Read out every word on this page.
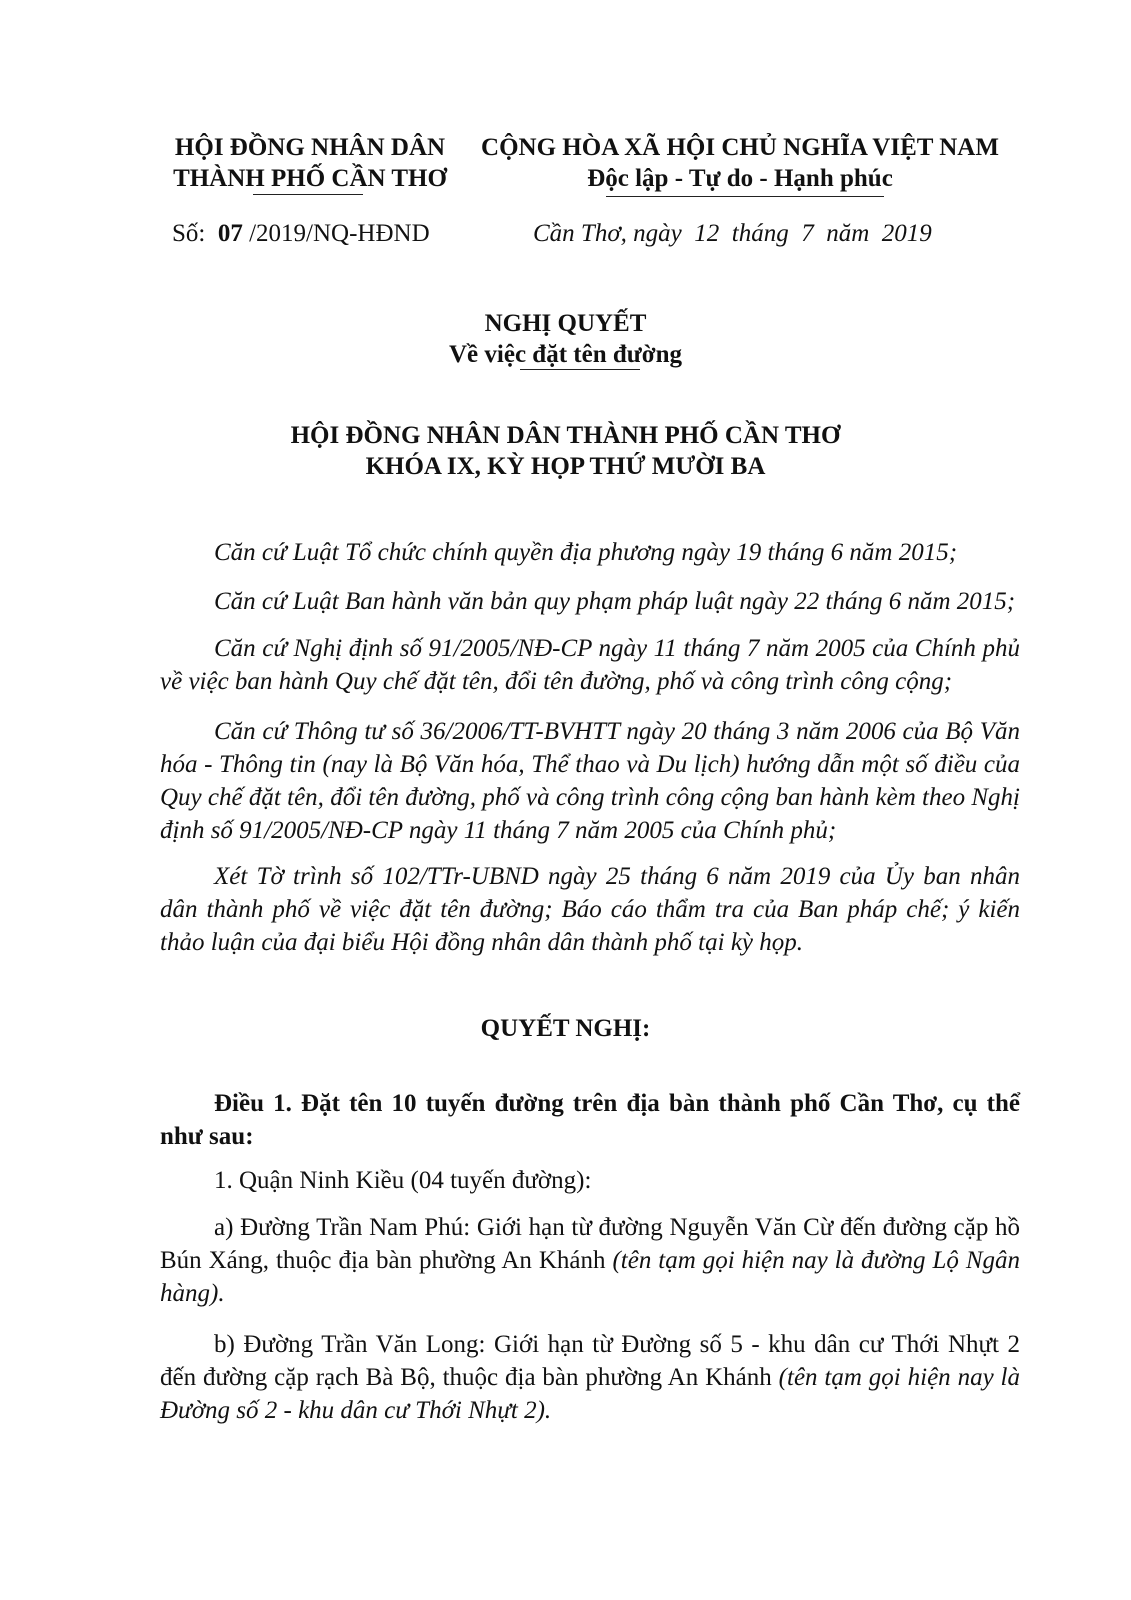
HỘI ĐỒNG NHÂN DÂN
THÀNH PHỐ CẦN THƠ
CỘNG HÒA XÃ HỘI CHỦ NGHĨA VIỆT NAM
Độc lập - Tự do - Hạnh phúc
Số: 07 /2019/NQ-HĐND	Cần Thơ, ngày  12  tháng  7  năm  2019
NGHỊ QUYẾT
Về việc đặt tên đường
HỘI ĐỒNG NHÂN DÂN THÀNH PHỐ CẦN THƠ
KHÓA IX, KỲ HỌP THỨ MƯỜI BA

Căn cứ Luật Tổ chức chính quyền địa phương ngày 19 tháng 6 năm 2015;

Căn cứ Luật Ban hành văn bản quy phạm pháp luật ngày 22 tháng 6 năm 2015;

Căn cứ Nghị định số 91/2005/NĐ-CP ngày 11 tháng 7 năm 2005 của Chính phủ về việc ban hành Quy chế đặt tên, đổi tên đường, phố và công trình công cộng;

Căn cứ Thông tư số 36/2006/TT-BVHTT ngày 20 tháng 3 năm 2006 của Bộ Văn hóa - Thông tin (nay là Bộ Văn hóa, Thể thao và Du lịch) hướng dẫn một số điều của Quy chế đặt tên, đổi tên đường, phố và công trình công cộng ban hành kèm theo Nghị định số 91/2005/NĐ-CP ngày 11 tháng 7 năm 2005 của Chính phủ;

Xét Tờ trình số 102/TTr-UBND ngày 25 tháng 6 năm 2019 của Ủy ban nhân dân thành phố về việc đặt tên đường; Báo cáo thẩm tra của Ban pháp chế; ý kiến thảo luận của đại biểu Hội đồng nhân dân thành phố tại kỳ họp.

QUYẾT NGHỊ:

Điều 1. Đặt tên 10 tuyến đường trên địa bàn thành phố Cần Thơ, cụ thể như sau:

1. Quận Ninh Kiều (04 tuyến đường):

a) Đường Trần Nam Phú: Giới hạn từ đường Nguyễn Văn Cừ đến đường cặp hồ Bún Xáng, thuộc địa bàn phường An Khánh (tên tạm gọi hiện nay là đường Lộ Ngân hàng).

b) Đường Trần Văn Long: Giới hạn từ Đường số 5 - khu dân cư Thới Nhựt 2 đến đường cặp rạch Bà Bộ, thuộc địa bàn phường An Khánh (tên tạm gọi hiện nay là Đường số 2 - khu dân cư Thới Nhựt 2).
